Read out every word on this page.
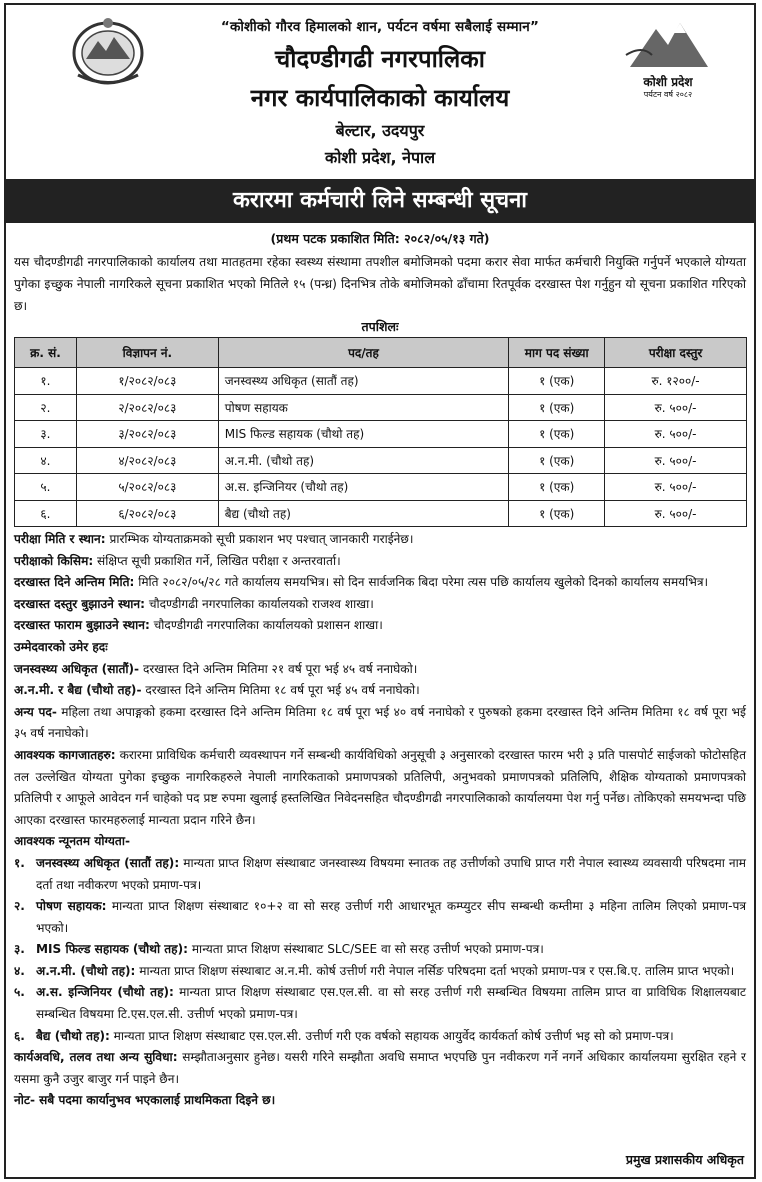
“कोशीको गौरव हिमालको शान, पर्यटन वर्षमा सबैलाई सम्मान”
चौदण्डीगढी नगरपालिका
नगर कार्यपालिकाको कार्यालय
बेल्टार, उदयपुर
कोशी प्रदेश, नेपाल
कोशी प्रदेश
पर्यटन वर्ष २०८२
करारमा कर्मचारी लिने सम्बन्धी सूचना
(प्रथम पटक प्रकाशित मिति: २०८२/०५/१३ गते)
यस चौदण्डीगढी नगरपालिकाको कार्यालय तथा मातहतमा रहेका स्वस्थ्य संस्थामा तपशील बमोजिमको पदमा करार सेवा मार्फत कर्मचारी नियुक्ति गर्नुपर्ने भएकाले योग्यता पुगेका इच्छुक नेपाली नागरिकले सूचना प्रकाशित भएको मितिले १५ (पन्ध्र) दिनभित्र तोके बमोजिमको ढाँचामा रितपूर्वक दरखास्त पेश गर्नुहुन यो सूचना प्रकाशित गरिएको छ।
तपशिलः
क्र. सं.	विज्ञापन नं.	पद/तह	माग पद संख्या	परीक्षा दस्तुर
१.	१/२०८२/०८३	जनस्वस्थ्य अधिकृत (सातौं तह)	१ (एक)	रु. १२००/-
२.	२/२०८२/०८३	पोषण सहायक	१ (एक)	रु. ५००/-
३.	३/२०८२/०८३	MIS फिल्ड सहायक (चौथो तह)	१ (एक)	रु. ५००/-
४.	४/२०८२/०८३	अ.न.मी. (चौथो तह)	१ (एक)	रु. ५००/-
५.	५/२०८२/०८३	अ.स. इन्जिनियर (चौथो तह)	१ (एक)	रु. ५००/-
६.	६/२०८२/०८३	बैद्य (चौथो तह)	१ (एक)	रु. ५००/-

परीक्षा मिति र स्थान: प्रारम्भिक योग्यताक्रमको सूची प्रकाशन भए पश्चात् जानकारी गराईनेछ।

परीक्षाको किसिम: संक्षिप्त सूची प्रकाशित गर्ने, लिखित परीक्षा र अन्तरवार्ता।

दरखास्त दिने अन्तिम मिति: मिति २०८२/०५/२८ गते कार्यालय समयभित्र। सो दिन सार्वजनिक बिदा परेमा त्यस पछि कार्यालय खुलेको दिनको कार्यालय समयभित्र।

दरखास्त दस्तुर बुझाउने स्थान: चौदण्डीगढी नगरपालिका कार्यालयको राजश्व शाखा।

दरखास्त फाराम बुझाउने स्थान: चौदण्डीगढी नगरपालिका कार्यालयको प्रशासन शाखा।

उम्मेदवारको उमेर हदः

जनस्वस्थ्य अधिकृत (सातौं)- दरखास्त दिने अन्तिम मितिमा २१ वर्ष पूरा भई ४५ वर्ष ननाघेको।

अ.न.मी. र बैद्य (चौथो तह)- दरखास्त दिने अन्तिम मितिमा १८ वर्ष पूरा भई ४५ वर्ष ननाघेको।

अन्य पद- महिला तथा अपाङ्गको हकमा दरखास्त दिने अन्तिम मितिमा १८ वर्ष पूरा भई ४० वर्ष ननाघेको र पुरुषको हकमा दरखास्त दिने अन्तिम मितिमा १८ वर्ष पूरा भई ३५ वर्ष ननाघेको।

आवश्यक कागजातहरु: करारमा प्राविधिक कर्मचारी व्यवस्थापन गर्ने सम्बन्धी कार्यविधिको अनुसूची ३ अनुसारको दरखास्त फारम भरी ३ प्रति पासपोर्ट साईजको फोटोसहित तल उल्लेखित योग्यता पुगेका इच्छुक नागरिकहरुले नेपाली नागरिकताको प्रमाणपत्रको प्रतिलिपी, अनुभवको प्रमाणपत्रको प्रतिलिपि, शैक्षिक योग्यताको प्रमाणपत्रको प्रतिलिपी र आफूले आवेदन गर्न चाहेको पद प्रष्ट रुपमा खुलाई हस्तलिखित निवेदनसहित चौदण्डीगढी नगरपालिकाको कार्यालयमा पेश गर्नु पर्नेछ। तोकिएको समयभन्दा पछि आएका दरखास्त फारमहरुलाई मान्यता प्रदान गरिने छैन।

आवश्यक न्यूनतम योग्यता-

१. जनस्वस्थ्य अधिकृत (सातौं तह): मान्यता प्राप्त शिक्षण संस्थाबाट जनस्वास्थ्य विषयमा स्नातक तह उत्तीर्णको उपाधि प्राप्त गरी नेपाल स्वास्थ्य व्यवसायी परिषदमा नाम दर्ता तथा नवीकरण भएको प्रमाण-पत्र।
२. पोषण सहायक: मान्यता प्राप्त शिक्षण संस्थाबाट १०+२ वा सो सरह उत्तीर्ण गरी आधारभूत कम्प्युटर सीप सम्बन्धी कम्तीमा ३ महिना तालिम लिएको प्रमाण-पत्र भएको।
३. MIS फिल्ड सहायक (चौथो तह): मान्यता प्राप्त शिक्षण संस्थाबाट SLC/SEE वा सो सरह उत्तीर्ण भएको प्रमाण-पत्र।
४. अ.न.मी. (चौथो तह): मान्यता प्राप्त शिक्षण संस्थाबाट अ.न.मी. कोर्ष उत्तीर्ण गरी नेपाल नर्सिङ परिषदमा दर्ता भएको प्रमाण-पत्र र एस.बि.ए. तालिम प्राप्त भएको।
५. अ.स. इन्जिनियर (चौथो तह): मान्यता प्राप्त शिक्षण संस्थाबाट एस.एल.सी. वा सो सरह उत्तीर्ण गरी सम्बन्धित विषयमा तालिम प्राप्त वा प्राविधिक शिक्षालयबाट सम्बन्धित विषयमा टि.एस.एल.सी. उत्तीर्ण भएको प्रमाण-पत्र।
६. बैद्य (चौथो तह): मान्यता प्राप्त शिक्षण संस्थाबाट एस.एल.सी. उत्तीर्ण गरी एक वर्षको सहायक आयुर्वेद कार्यकर्ता कोर्ष उत्तीर्ण भइ सो को प्रमाण-पत्र।

कार्यअवधि, तलव तथा अन्य सुविधा: सम्झौताअनुसार हुनेछ। यसरी गरिने सम्झौता अवधि समाप्त भएपछि पुन नवीकरण गर्ने नगर्ने अधिकार कार्यालयमा सुरक्षित रहने र यसमा कुनै उजुर बाजुर गर्न पाइने छैन।

नोट- सबै पदमा कार्यानुभव भएकालाई प्राथमिकता दिइने छ।

प्रमुख प्रशासकीय अधिकृत
